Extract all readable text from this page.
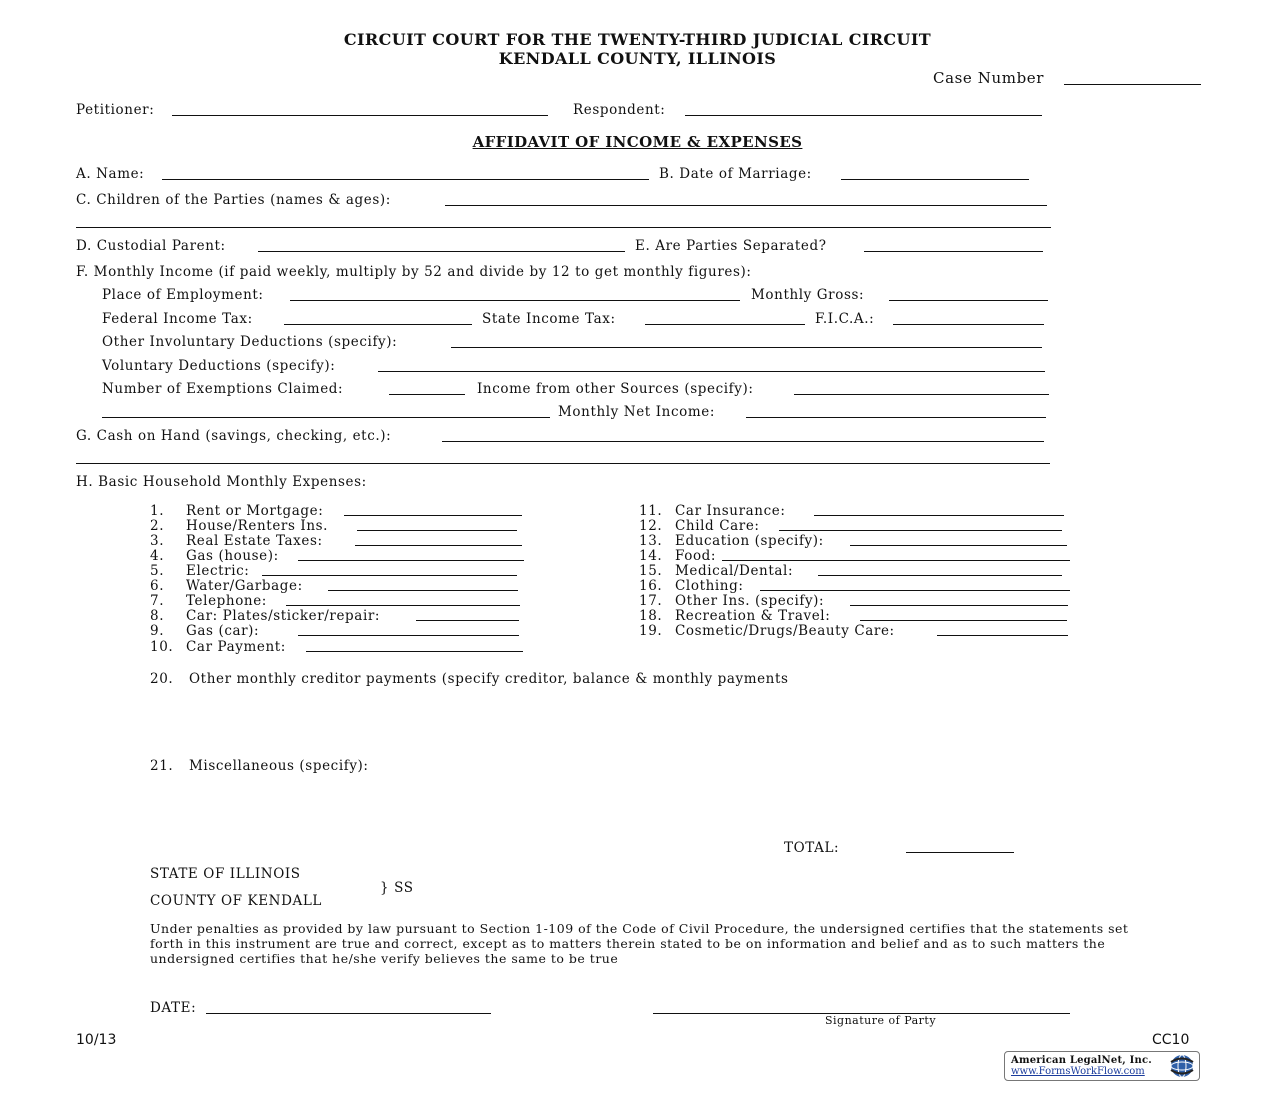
CIRCUIT COURT FOR THE TWENTY-THIRD JUDICIAL CIRCUIT
KENDALL COUNTY, ILLINOIS
Case Number
Petitioner:	Respondent:
AFFIDAVIT OF INCOME & EXPENSES
A. Name:	B. Date of Marriage:
C. Children of the Parties (names & ages):
D. Custodial Parent:	E. Are Parties Separated?
F. Monthly Income (if paid weekly, multiply by 52 and divide by 12 to get monthly figures):
Place of Employment:	Monthly Gross:
Federal Income Tax:	State Income Tax:	F.I.C.A.:
Other Involuntary Deductions (specify):
Voluntary Deductions (specify):
Number of Exemptions Claimed:	Income from other Sources (specify):
Monthly Net Income:
G. Cash on Hand (savings, checking, etc.):
H. Basic Household Monthly Expenses:
1. Rent or Mortgage:
2. House/Renters Ins.
3. Real Estate Taxes:
4. Gas (house):
5. Electric:
6. Water/Garbage:
7. Telephone:
8. Car: Plates/sticker/repair:
9. Gas (car):
10. Car Payment:
11. Car Insurance:
12. Child Care:
13. Education (specify):
14. Food:
15. Medical/Dental:
16. Clothing:
17. Other Ins. (specify):
18. Recreation & Travel:
19. Cosmetic/Drugs/Beauty Care:
20. Other monthly creditor payments (specify creditor, balance & monthly payments
21. Miscellaneous (specify):
TOTAL:
STATE OF ILLINOIS
} SS
COUNTY OF KENDALL
Under penalties as provided by law pursuant to Section 1-109 of the Code of Civil Procedure, the undersigned certifies that the statements set forth in this instrument are true and correct, except as to matters therein stated to be on information and belief and as to such matters the undersigned certifies that he/she verify believes the same to be true
DATE:
Signature of Party
10/13	CC10
American LegalNet, Inc.
www.FormsWorkFlow.com
